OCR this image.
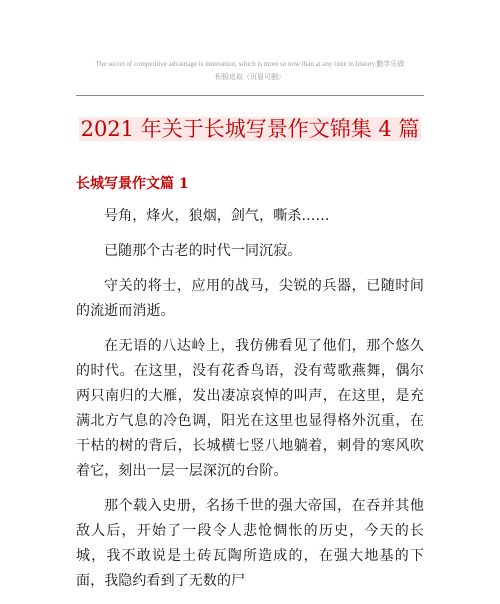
The secret of competitive advantage is innovation, which is more so now than at any time in history.勤学乐做
积极追取（页眉可删）
2021 年关于长城写景作文锦集 4 篇
长城写景作文篇 1

号角，烽火，狼烟，剑气，嘶杀……

已随那个古老的时代一同沉寂。

守关的将士，应用的战马，尖锐的兵器，已随时间的流逝而消逝。

在无语的八达岭上，我仿佛看见了他们，那个悠久的时代。在这里，没有花香鸟语，没有莺歌燕舞，偶尔两只南归的大雁，发出凄凉哀悼的叫声，在这里，是充满北方气息的冷色调，阳光在这里也显得格外沉重，在干枯的树的背后，长城横七竖八地躺着，刺骨的寒风吹着它，刻出一层一层深沉的台阶。

那个载入史册，名扬千世的强大帝国，在吞并其他敌人后，开始了一段令人悲怆惆怅的历史，今天的长城，我不敢说是土砖瓦陶所造成的，在强大地基的下面，我隐约看到了无数的尸
